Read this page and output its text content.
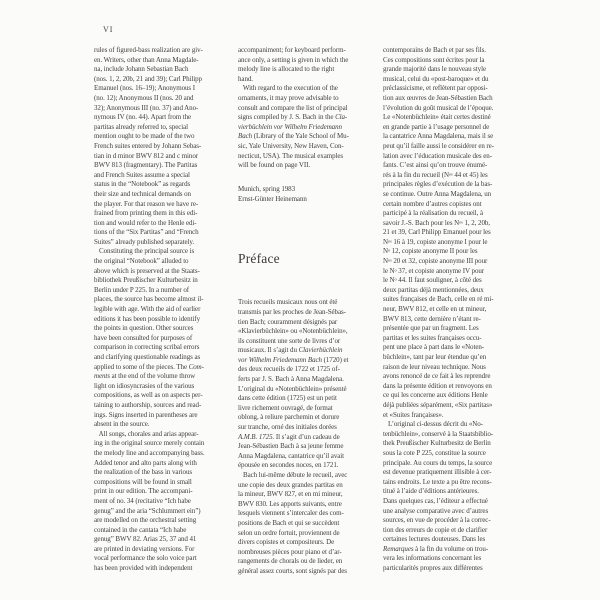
VI
rules of figured-bass realization are giv-
en. Writers, other than Anna Magdale-
na, include Johann Sebastian Bach
(nos. 1, 2, 20b, 21 and 39); Carl Philipp
Emanuel (nos. 16–19); Anonymous I
(no. 12); Anonymous II (nos. 20 and
32); Anonymous III (no. 37) and Ano-
nymous IV (no. 44). Apart from the
partitas already referred to, special
mention ought to be made of the two
French suites entered by Johann Sebas-
tian in d minor BWV 812 and c minor
BWV 813 (fragmentary). The Partitas
and French Suites assume a special
status in the “Notebook” as regards
their size and technical demands on
the player. For that reason we have re-
frained from printing them in this edi-
tion and would refer to the Henle edi-
tions of the “Six Partitas” and “French
Suites” already published separately.
Constituting the principal source is
the original “Notebook” alluded to
above which is preserved at the Staats-
bibliothek Preußischer Kulturbesitz in
Berlin under P 225. In a number of
places, the source has become almost il-
legible with age. With the aid of earlier
editions it has been possible to identify
the points in question. Other sources
have been consulted for purposes of
comparison in correcting scribal errors
and clarifying questionable readings as
applied to some of the pieces. The Com-
ments at the end of the volume throw
light on idiosyncrasies of the various
compositions, as well as on aspects per-
taining to authorship, sources and read-
ings. Signs inserted in parentheses are
absent in the source.
All songs, chorales and arias appear-
ing in the original source merely contain
the melody line and accompanying bass.
Added tenor and alto parts along with
the realization of the bass in various
compositions will be found in small
print in our edition. The accompani-
ment of no. 34 (recitative “Ich habe
genug” and the aria “Schlummert ein”)
are modelled on the orchestral setting
contained in the cantata “Ich habe
genug” BWV 82. Arias 25, 37 and 41
are printed in deviating versions. For
vocal performance the solo voice part
has been provided with independent
accompaniment; for keyboard perform-
ance only, a setting is given in which the
melody line is allocated to the right
hand.
With regard to the execution of the
ornaments, it may prove advisable to
consult and compare the list of principal
signs compiled by J. S. Bach in the Cla-
vierbüchlein vor Wilhelm Friedemann
Bach (Library of the Yale School of Mu-
sic, Yale University, New Haven, Con-
necticut, USA). The musical examples
will be found on page VII.
Munich, spring 1983
Ernst-Günter Heinemann
Préface
Trois recueils musicaux nous ont été
transmis par les proches de Jean-Sébas-
tien Bach; couramment désignés par
«Klavierbüchlein» ou «Notenbüchlein»,
ils constituent une sorte de livres d’or
musicaux. Il s’agit du Clavierbüchlein
vor Wilhelm Friedemann Bach (1720) et
des deux recueils de 1722 et 1725 of-
ferts par J. S. Bach à Anna Magdalena.
L’original du «Notenbüchlein» présenté
dans cette édition (1725) est un petit
livre richement ouvragé, de format
oblong, à reliure parchemin et dorure
sur tranche, orné des initiales dorées
A.M.B. 1725. Il s’agit d’un cadeau de
Jean-Sébastien Bach à sa jeune femme
Anna Magdalena, cantatrice qu’il avait
épousée en secondes noces, en 1721.
Bach lui-même débute le recueil, avec
une copie des deux grandes partitas en
la mineur, BWV 827, et en mi mineur,
BWV 830. Les apports suivants, entre
lesquels viennent s’intercaler des com-
positions de Bach et qui se succèdent
selon un ordre fortuit, proviennent de
divers copistes et compositeurs. De
nombreuses pièces pour piano et d’ar-
rangements de chorals ou de lieder, en
général assez courts, sont signés par des
contemporains de Bach et par ses fils.
Ces compositions sont écrites pour la
grande majorité dans le nouveau style
musical, celui du «post-baroque» et du
préclassicisme, et reflètent par opposi-
tion aux œuvres de Jean-Sébastien Bach
l’évolution du goût musical de l’époque.
Le «Notenbüchlein» était certes destiné
en grande partie à l’usage personnel de
la cantatrice Anna Magdalena, mais il se
peut qu’il faille aussi le considérer en re-
lation avec l’éducation musicale des en-
fants. C’est ainsi qu’on trouve énumé-
rés à la fin du recueil ($N^{os}$ 44 et 45) les
principales règles d’exécution de la bas-
se continue. Outre Anna Magdalena, un
certain nombre d’autres copistes ont
participé à la réalisation du recueil, à
savoir J.-S. Bach pour les $N^{os}$ 1, 2, 20b,
21 et 39, Carl Philipp Emanuel pour les
$N^{os}$ 16 à 19, copiste anonyme I pour le
$N^o$ 12, copiste anonyme II pour les
$N^{os}$ 20 et 32, copiste anonyme III pour
le $N^o$ 37, et copiste anonyme IV pour
le $N^o$ 44. Il faut souligner, à côté des
deux partitas déjà mentionnées, deux
suites françaises de Bach, celle en ré mi-
neur, BWV 812, et celle en ut mineur,
BWV 813, cette dernière n’étant re-
présentée que par un fragment. Les
partitas et les suites françaises occu-
pent une place à part dans le «Noten-
büchlein», tant par leur étendue qu’en
raison de leur niveau technique. Nous
avons renoncé de ce fait à les reprendre
dans la présente édition et renvoyons en
ce qui les concerne aux éditions Henle
déjà publiées séparément, «Six partitas»
et «Suites françaises».
L’original ci-dessus décrit du «No-
tenbüchlein», conservé à la Staatsbiblio-
thek Preußischer Kulturbesitz de Berlin
sous la cote P 225, constitue la source
principale. Au cours du temps, la source
est devenue pratiquement illisible à cer-
tains endroits. Le texte a pu être recons-
titué à l’aide d’éditions antérieures.
Dans quelques cas, l’éditeur a effectué
une analyse comparative avec d’autres
sources, en vue de procéder à la correc-
tion des erreurs de copie et de clarifier
certaines lectures douteuses. Dans les
Remarques à la fin du volume on trou-
vera les informations concernant les
particularités propres aux différentes
